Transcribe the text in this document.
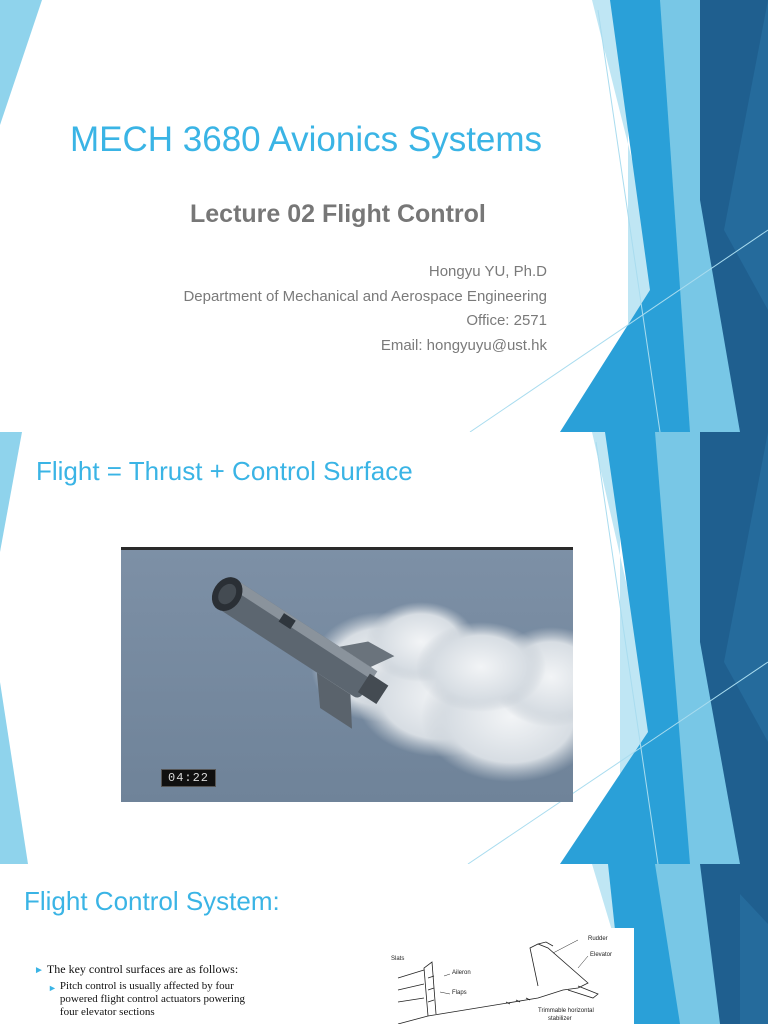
MECH 3680 Avionics Systems
Lecture 02 Flight Control
Hongyu YU, Ph.D
Department of Mechanical and Aerospace Engineering
Office: 2571
Email: hongyuyu@ust.hk
Flight = Thrust + Control Surface
04:22
Flight Control System:
► The key control surfaces are as follows:
► Pitch control is usually affected by four
powered flight control actuators powering
four elevator sections
Slats
Aileron
Flaps
Rudder
Elevator
Trimmable horizontal
stabilizer
